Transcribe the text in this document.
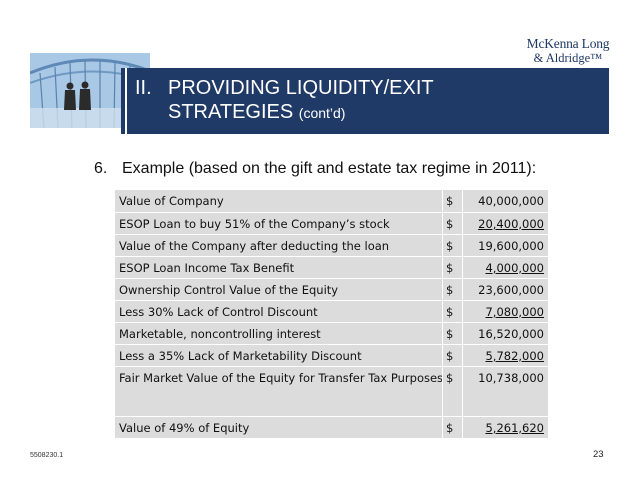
McKenna Long
& Aldridge™
II. PROVIDING LIQUIDITY/EXIT
STRATEGIES (cont’d)
6. Example (based on the gift and estate tax regime in 2011):
Value of Company	$	40,000,000
ESOP Loan to buy 51% of the Company’s stock	$	20,400,000
Value of the Company after deducting the loan	$	19,600,000
ESOP Loan Income Tax Benefit	$	4,000,000
Ownership Control Value of the Equity	$	23,600,000
Less 30% Lack of Control Discount	$	7,080,000
Marketable, noncontrolling interest	$	16,520,000
Less a 35% Lack of Marketability Discount	$	5,782,000
Fair Market Value of the Equity for Transfer Tax Purposes $	10,738,000
Value of 49% of Equity	$	5,261,620
5508230.1	23
